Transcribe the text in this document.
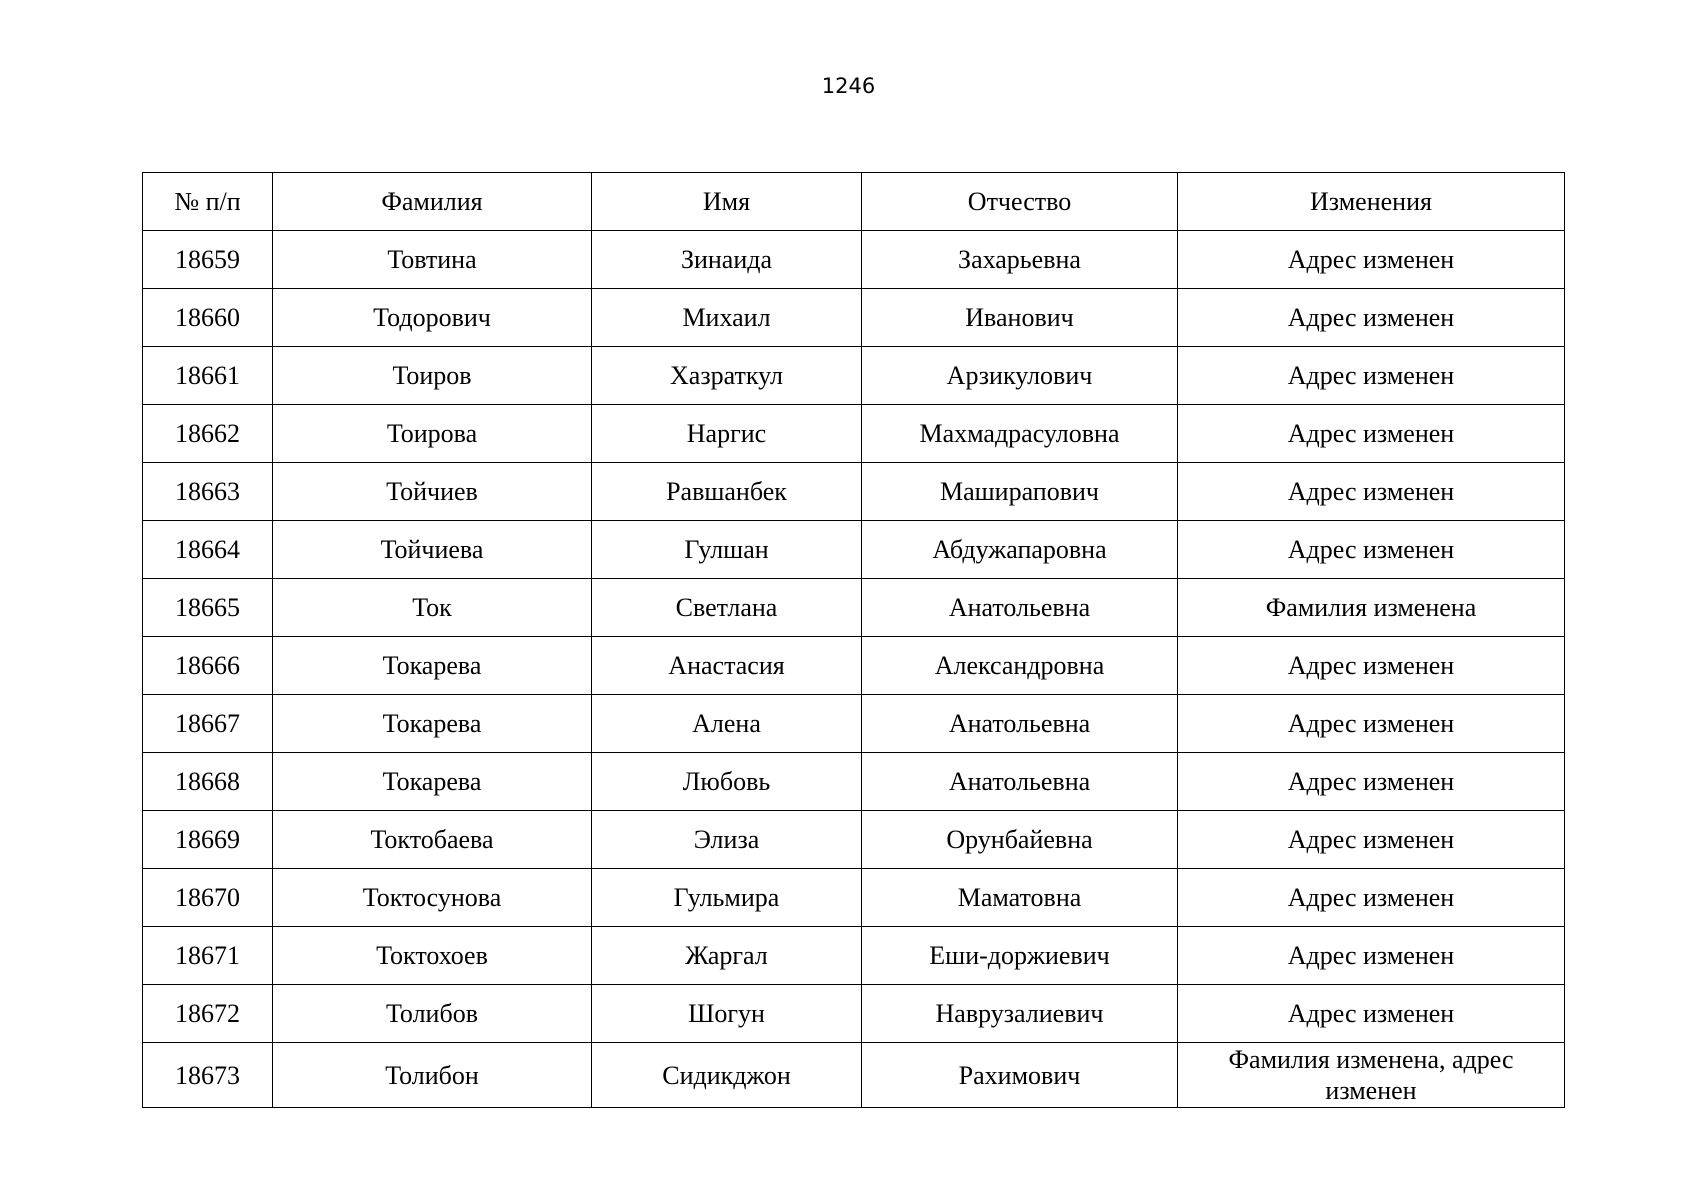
1246
№ п/п	Фамилия	Имя	Отчество	Изменения
18659	Товтина	Зинаида	Захарьевна	Адрес изменен
18660	Тодорович	Михаил	Иванович	Адрес изменен
18661	Тоиров	Хазраткул	Арзикулович	Адрес изменен
18662	Тоирова	Наргис	Махмадрасуловна	Адрес изменен
18663	Тойчиев	Равшанбек	Маширапович	Адрес изменен
18664	Тойчиева	Гулшан	Абдужапаровна	Адрес изменен
18665	Ток	Светлана	Анатольевна	Фамилия изменена
18666	Токарева	Анастасия	Александровна	Адрес изменен
18667	Токарева	Алена	Анатольевна	Адрес изменен
18668	Токарева	Любовь	Анатольевна	Адрес изменен
18669	Токтобаева	Элиза	Орунбайевна	Адрес изменен
18670	Токтосунова	Гульмира	Маматовна	Адрес изменен
18671	Токтохоев	Жаргал	Еши-доржиевич	Адрес изменен
18672	Толибов	Шогун	Наврузалиевич	Адрес изменен
18673	Толибон	Сидикджон	Рахимович	Фамилия изменена, адрес изменен
